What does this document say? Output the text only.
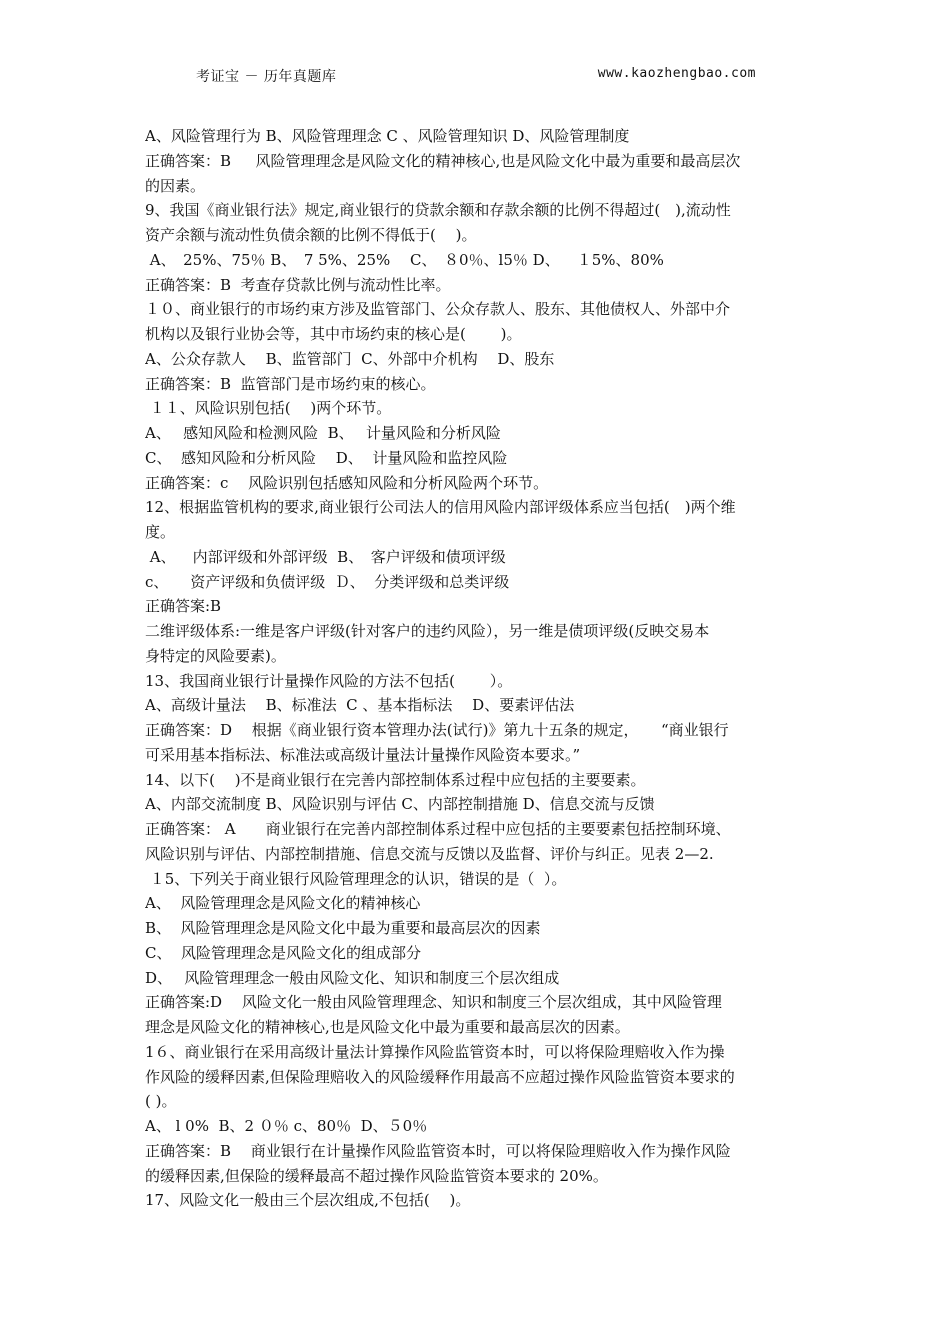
考证宝 － 历年真题库	www.kaozhengbao.com
A、风险管理行为 B、风险管理理念 C 、风险管理知识 D、风险管理制度
正确答案：B　  风险管理理念是风险文化的精神核心,也是风险文化中最为重要和最高层次
的因素。
9、我国《商业银行法》规定,商业银行的贷款余额和存款余额的比例不得超过(　),流动性
资产余额与流动性负债余额的比例不得低于(　 )。
A、　25%、75％ B、　7 5%、25%　 C、　８0％、l5％ D、　  １5%、80%
正确答案：B  考查存贷款比例与流动性比率。
１０、商业银行的市场约束方涉及监管部门、公众存款人、股东、其他债权人、外部中介
机构以及银行业协会等，其中市场约束的核心是(　　 )。
A、公众存款人　 B、监管部门  C、外部中介机构　 D、股东
正确答案：B  监管部门是市场约束的核心。
１１、风险识别包括(　 )两个环节。
A、　 感知风险和检测风险  B、　 计量风险和分析风险
C、  感知风险和分析风险　 D、  计量风险和监控风险
正确答案：c　 风险识别包括感知风险和分析风险两个环节。
12、根据监管机构的要求,商业银行公司法人的信用风险内部评级体系应当包括(　)两个维
度。
A、　  内部评级和外部评级  B、　客户评级和债项评级
c、　   资产评级和负债评级  Ｄ、  分类评级和总类评级
正确答案:B
二维评级体系:一维是客户评级(针对客户的违约风险），另一维是债项评级(反映交易本
身特定的风险要素)。
13、我国商业银行计量操作风险的方法不包括(　　 ）。
A、高级计量法　 B、标准法  C 、基本指标法　 D、要素评估法
正确答案：D　 根据《商业银行资本管理办法(试行)》第九十五条的规定，　　“商业银行
可采用基本指标法、标准法或高级计量法计量操作风险资本要求。”
14、以下(　 )不是商业银行在完善内部控制体系过程中应包括的主要要素。
A、内部交流制度 B、风险识别与评估 C、内部控制措施 D、信息交流与反馈
正确答案： A　　商业银行在完善内部控制体系过程中应包括的主要要素包括控制环境、
风险识别与评估、内部控制措施、信息交流与反馈以及监督、评价与纠正。见表 2—2.
１5、下列关于商业银行风险管理理念的认识，错误的是（  ）。
A、  风险管理理念是风险文化的精神核心
B、  风险管理理念是风险文化中最为重要和最高层次的因素
C、  风险管理理念是风险文化的组成部分
D、　 风险管理理念一般由风险文化、知识和制度三个层次组成
正确答案:D　 风险文化一般由风险管理理念、知识和制度三个层次组成，其中风险管理
理念是风险文化的精神核心,也是风险文化中最为重要和最高层次的因素。
1６、商业银行在采用高级计量法计算操作风险监管资本时，可以将保险理赔收入作为操
作风险的缓释因素,但保险理赔收入的风险缓释作用最高不应超过操作风险监管资本要求的
( )。
A、 l 0%  B、2 ０％ c、80％  D、５0％
正确答案：B　 商业银行在计量操作风险监管资本时，可以将保险理赔收入作为操作风险
的缓释因素,但保险的缓释最高不超过操作风险监管资本要求的 20%。
17、风险文化一般由三个层次组成,不包括(　 )。
